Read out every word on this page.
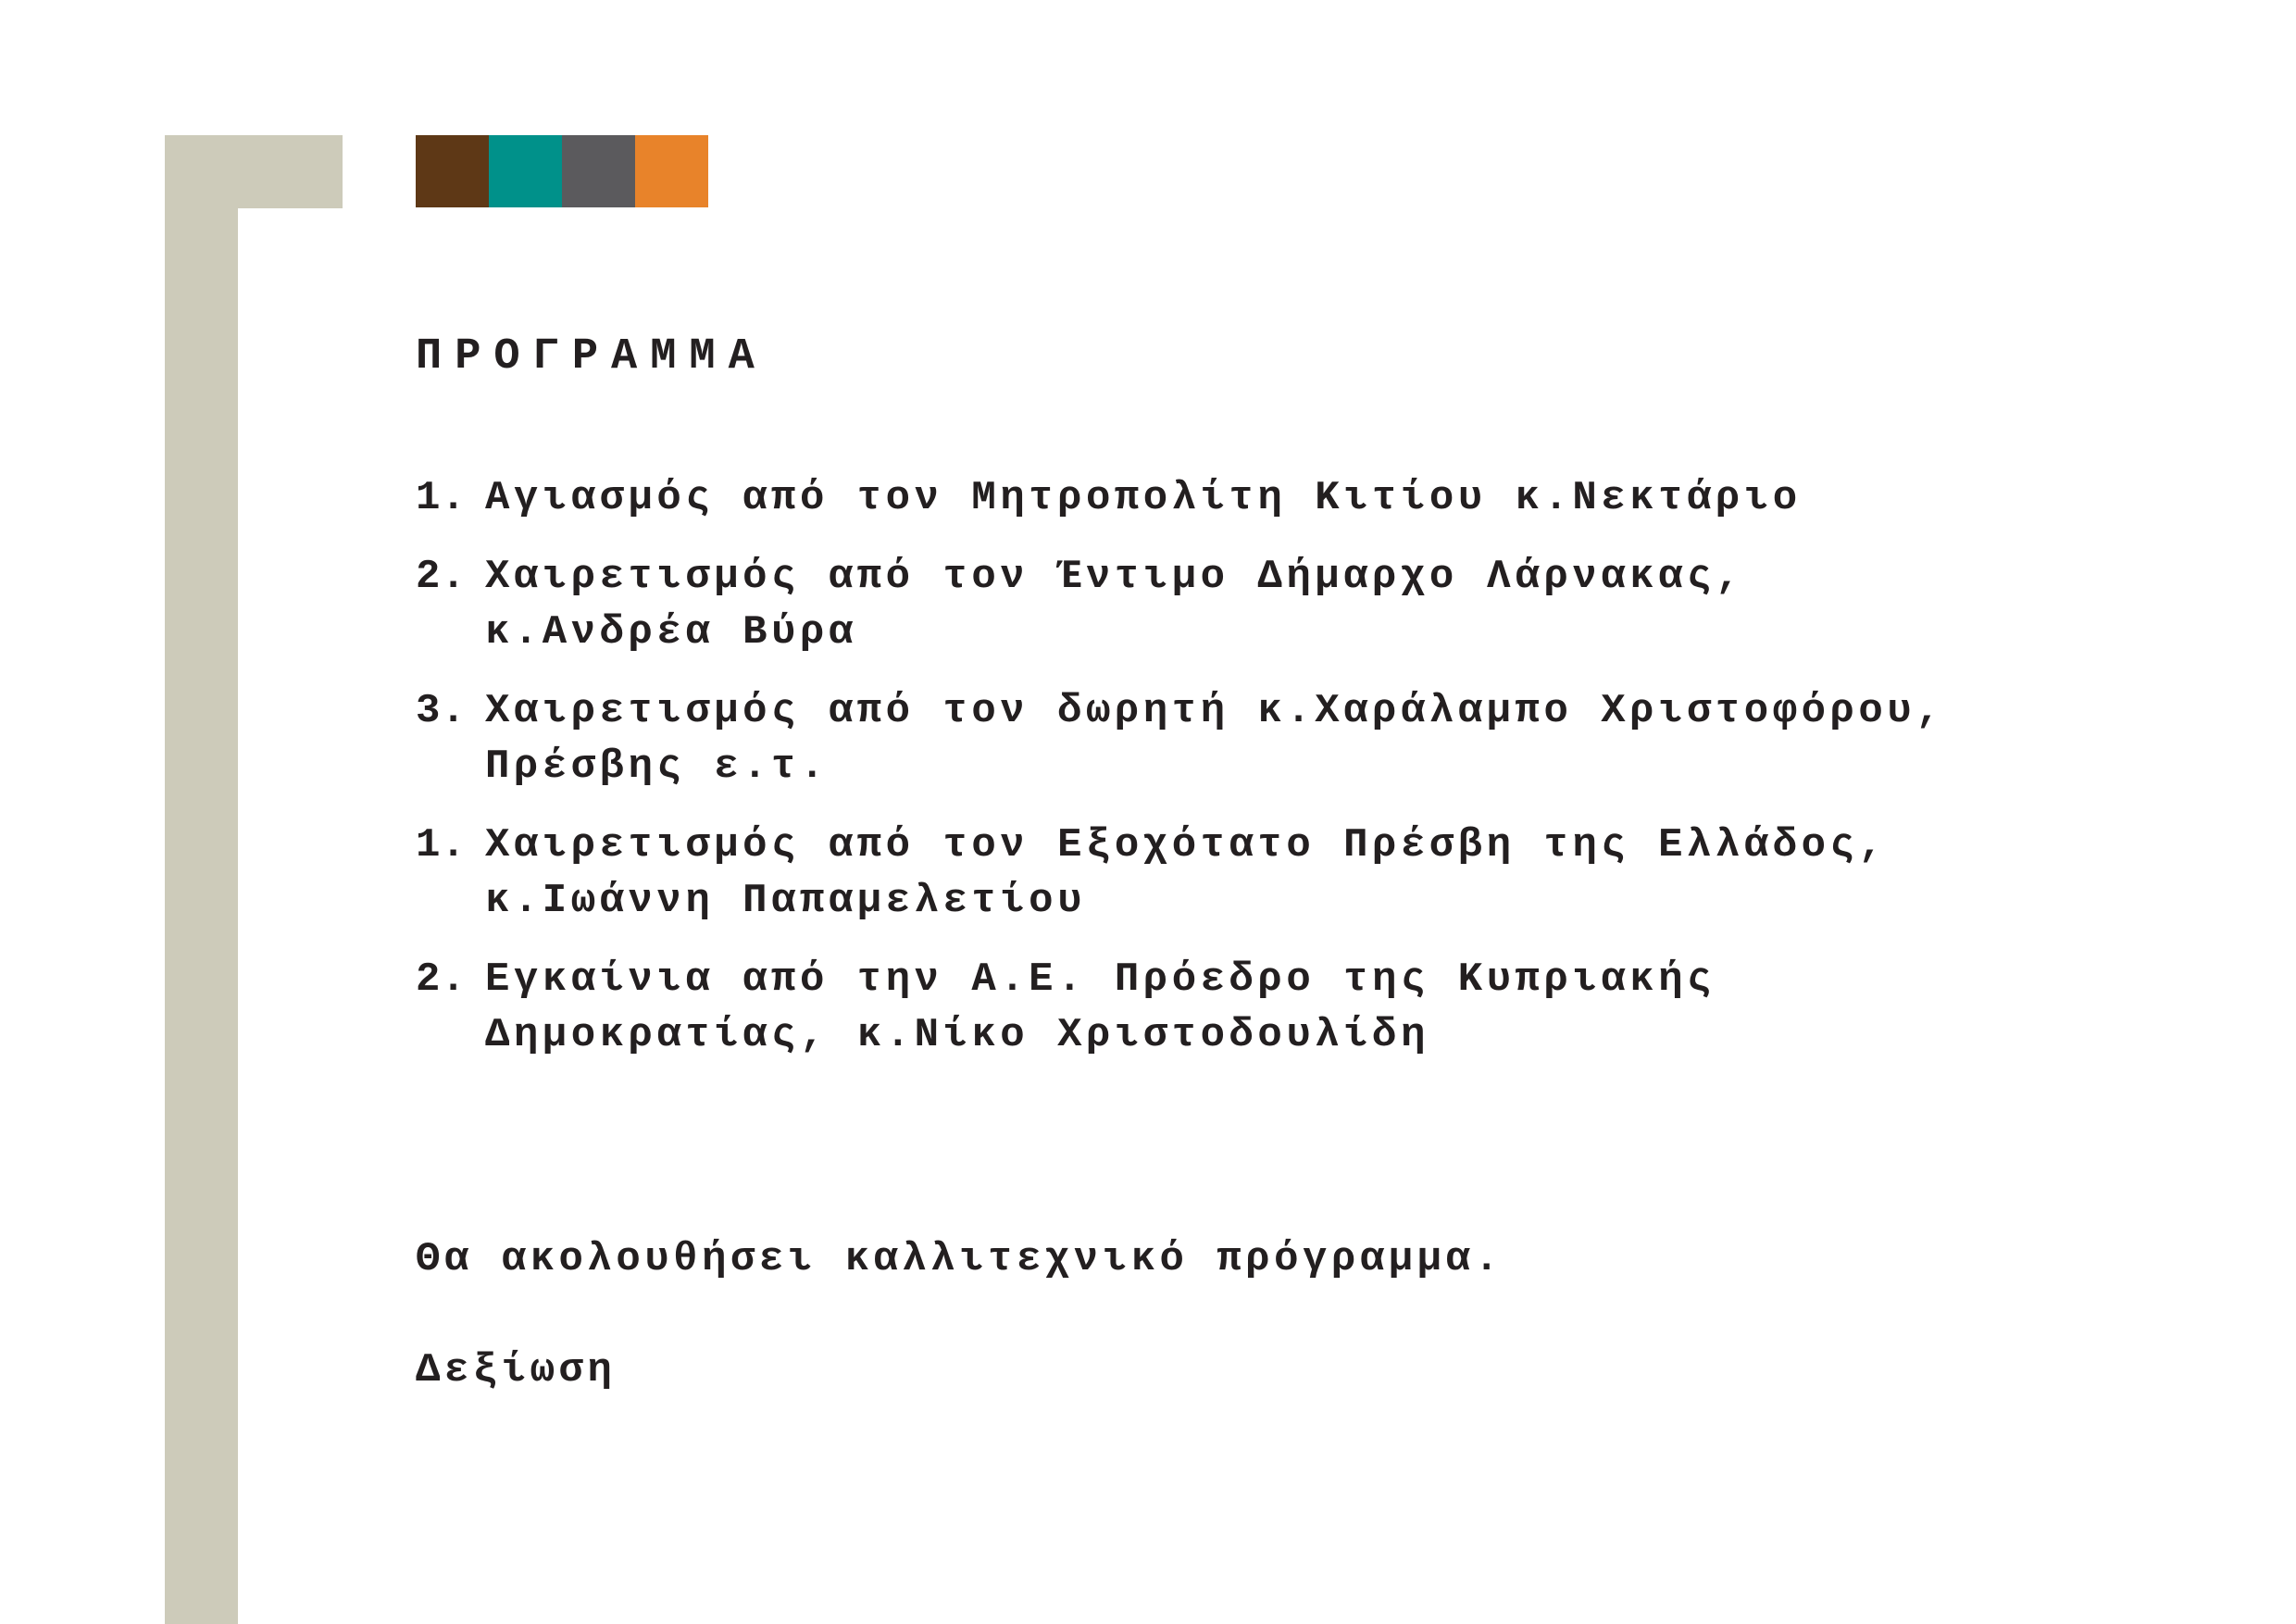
ΠΡΟΓΡΑΜΜΑ
1. Αγιασμός από τον Μητροπολίτη Κιτίου κ.Νεκτάριο
2. Χαιρετισμός από τον Έντιμο Δήμαρχο Λάρνακας,
κ.Ανδρέα Βύρα
3. Χαιρετισμός από τον δωρητή κ.Χαράλαμπο Χριστοφόρου,
Πρέσβης ε.τ.
1. Χαιρετισμός από τον Εξοχότατο Πρέσβη της Ελλάδος,
κ.Ιωάννη Παπαμελετίου
2. Εγκαίνια από την Α.Ε. Πρόεδρο της Κυπριακής
Δημοκρατίας, κ.Νίκο Χριστοδουλίδη

Θα ακολουθήσει καλλιτεχνικό πρόγραμμα.

Δεξίωση
